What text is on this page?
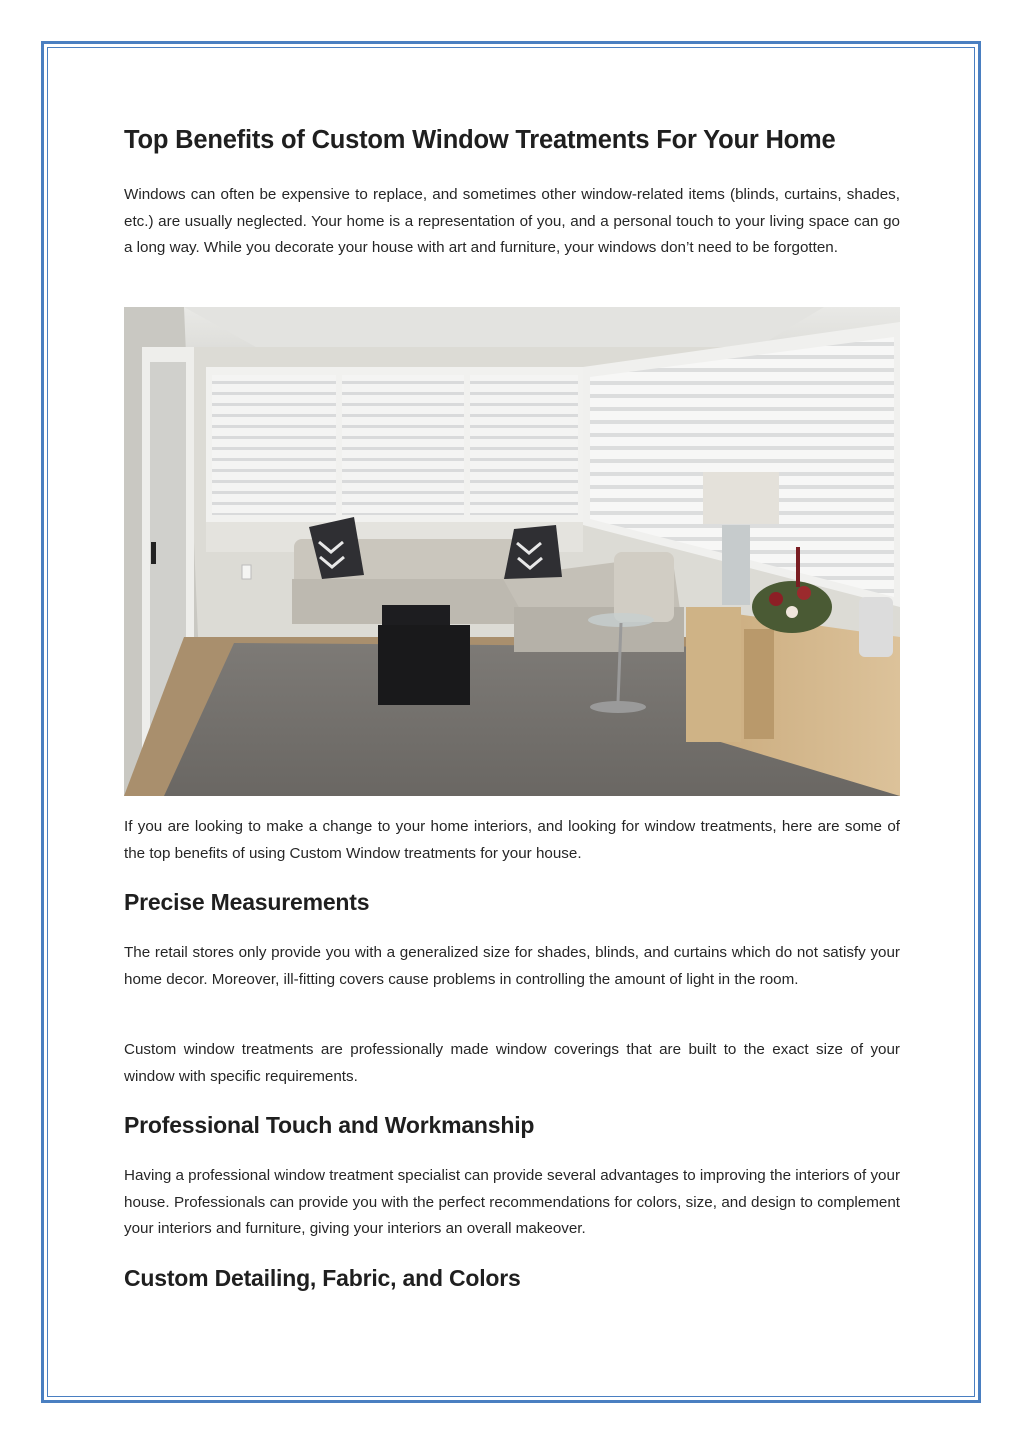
Top Benefits of Custom Window Treatments For Your Home

Windows can often be expensive to replace, and sometimes other window-related items (blinds, curtains, shades, etc.) are usually neglected. Your home is a representation of you, and a personal touch to your living space can go a long way. While you decorate your house with art and furniture, your windows don’t need to be forgotten.

If you are looking to make a change to your home interiors, and looking for window treatments, here are some of the top benefits of using Custom Window treatments for your house.

Precise Measurements

The retail stores only provide you with a generalized size for shades, blinds, and curtains which do not satisfy your home decor. Moreover, ill-fitting covers cause problems in controlling the amount of light in the room.

Custom window treatments are professionally made window coverings that are built to the exact size of your window with specific requirements.

Professional Touch and Workmanship

Having a professional window treatment specialist can provide several advantages to improving the interiors of your house. Professionals can provide you with the perfect recommendations for colors, size, and design to complement your interiors and furniture, giving your interiors an overall makeover.

Custom Detailing, Fabric, and Colors
